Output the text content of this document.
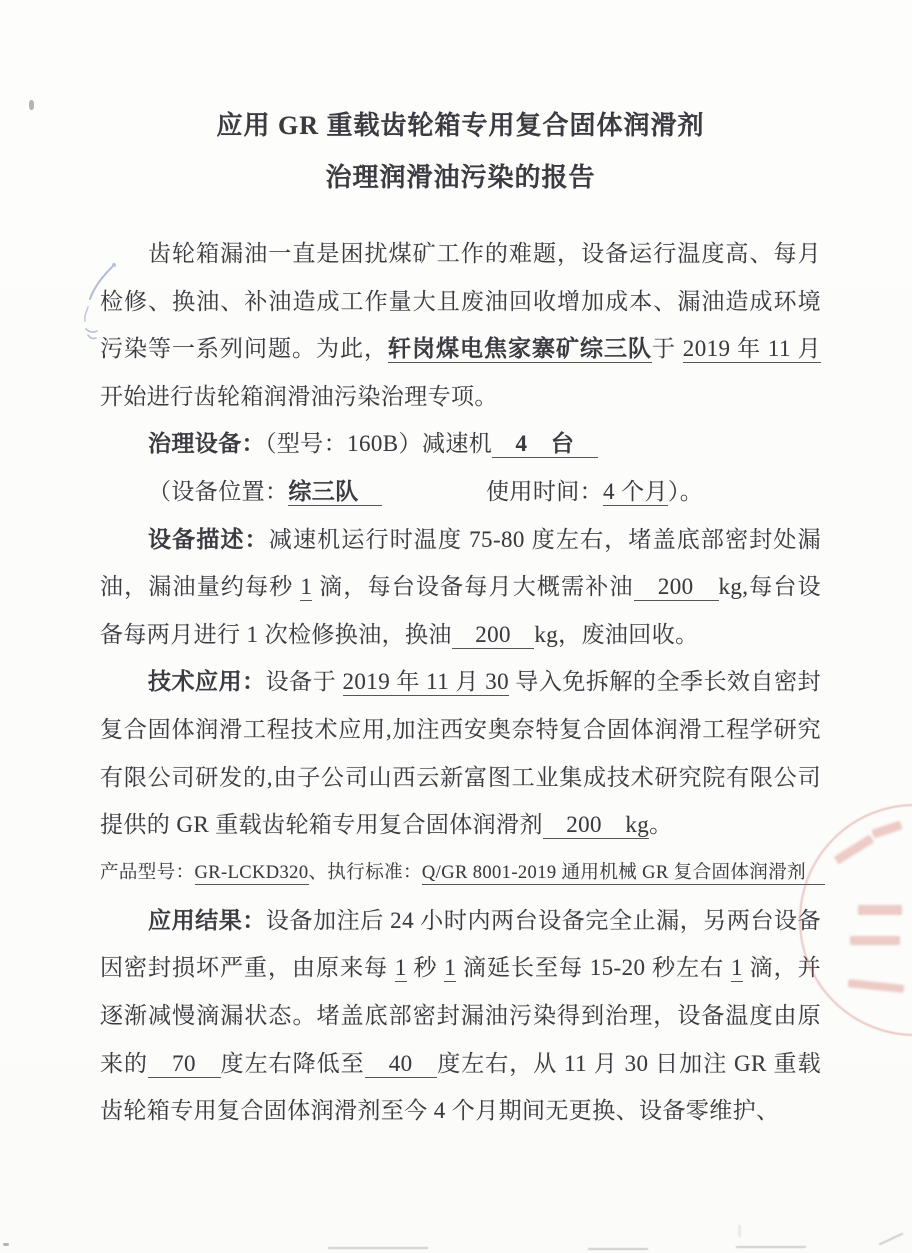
应用 GR 重载齿轮箱专用复合固体润滑剂
治理润滑油污染的报告

齿轮箱漏油一直是困扰煤矿工作的难题，设备运行温度高、每月检修、换油、补油造成工作量大且废油回收增加成本、漏油造成环境污染等一系列问题。为此，轩岗煤电焦家寨矿综三队于 2019 年 11 月开始进行齿轮箱润滑油污染治理专项。

治理设备：（型号：160B）减速机　4　台　

（设备位置：综三队　	使用时间：4 个月）。

设备描述：减速机运行时温度 75-80 度左右，堵盖底部密封处漏油，漏油量约每秒 1 滴，每台设备每月大概需补油　200　kg,每台设备每两月进行 1 次检修换油，换油　200　kg，废油回收。

技术应用：设备于 2019 年 11 月 30 导入免拆解的全季长效自密封复合固体润滑工程技术应用,加注西安奥奈特复合固体润滑工程学研究有限公司研发的,由子公司山西云新富图工业集成技术研究院有限公司提供的 GR 重载齿轮箱专用复合固体润滑剂　200　kg。

产品型号：GR-LCKD320、执行标准：Q/GR 8001-2019 通用机械 GR 复合固体润滑剂　

应用结果：设备加注后 24 小时内两台设备完全止漏，另两台设备因密封损坏严重，由原来每 1 秒 1 滴延长至每 15-20 秒左右 1 滴，并逐渐减慢滴漏状态。堵盖底部密封漏油污染得到治理，设备温度由原来的　70　度左右降低至　40　度左右，从 11 月 30 日加注 GR 重载齿轮箱专用复合固体润滑剂至今 4 个月期间无更换、设备零维护、
